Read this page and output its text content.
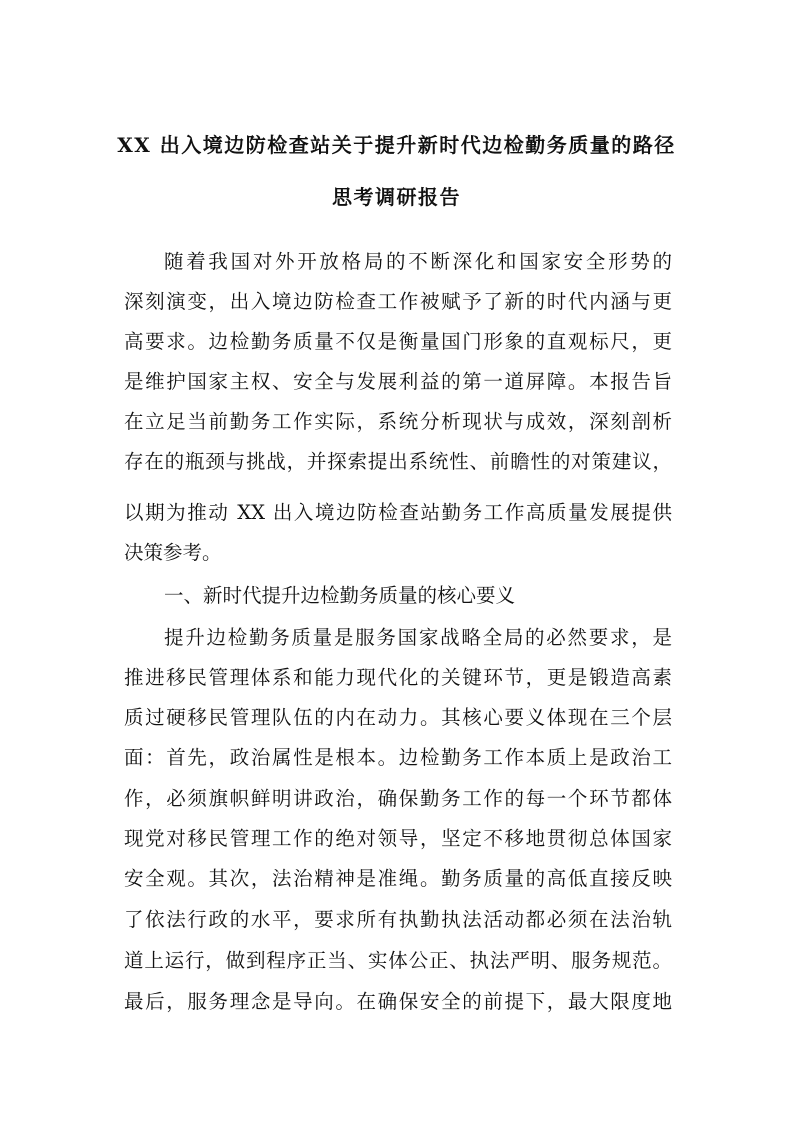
XX 出入境边防检查站关于提升新时代边检勤务质量的路径
思考调研报告
随着我国对外开放格局的不断深化和国家安全形势的
深刻演变，出入境边防检查工作被赋予了新的时代内涵与更
高要求。边检勤务质量不仅是衡量国门形象的直观标尺，更
是维护国家主权、安全与发展利益的第一道屏障。本报告旨
在立足当前勤务工作实际，系统分析现状与成效，深刻剖析
存在的瓶颈与挑战，并探索提出系统性、前瞻性的对策建议，
以期为推动 XX 出入境边防检查站勤务工作高质量发展提供
决策参考。
一、新时代提升边检勤务质量的核心要义
提升边检勤务质量是服务国家战略全局的必然要求，是
推进移民管理体系和能力现代化的关键环节，更是锻造高素
质过硬移民管理队伍的内在动力。其核心要义体现在三个层
面：首先，政治属性是根本。边检勤务工作本质上是政治工
作，必须旗帜鲜明讲政治，确保勤务工作的每一个环节都体
现党对移民管理工作的绝对领导，坚定不移地贯彻总体国家
安全观。其次，法治精神是准绳。勤务质量的高低直接反映
了依法行政的水平，要求所有执勤执法活动都必须在法治轨
道上运行，做到程序正当、实体公正、执法严明、服务规范。
最后，服务理念是导向。在确保安全的前提下，最大限度地
